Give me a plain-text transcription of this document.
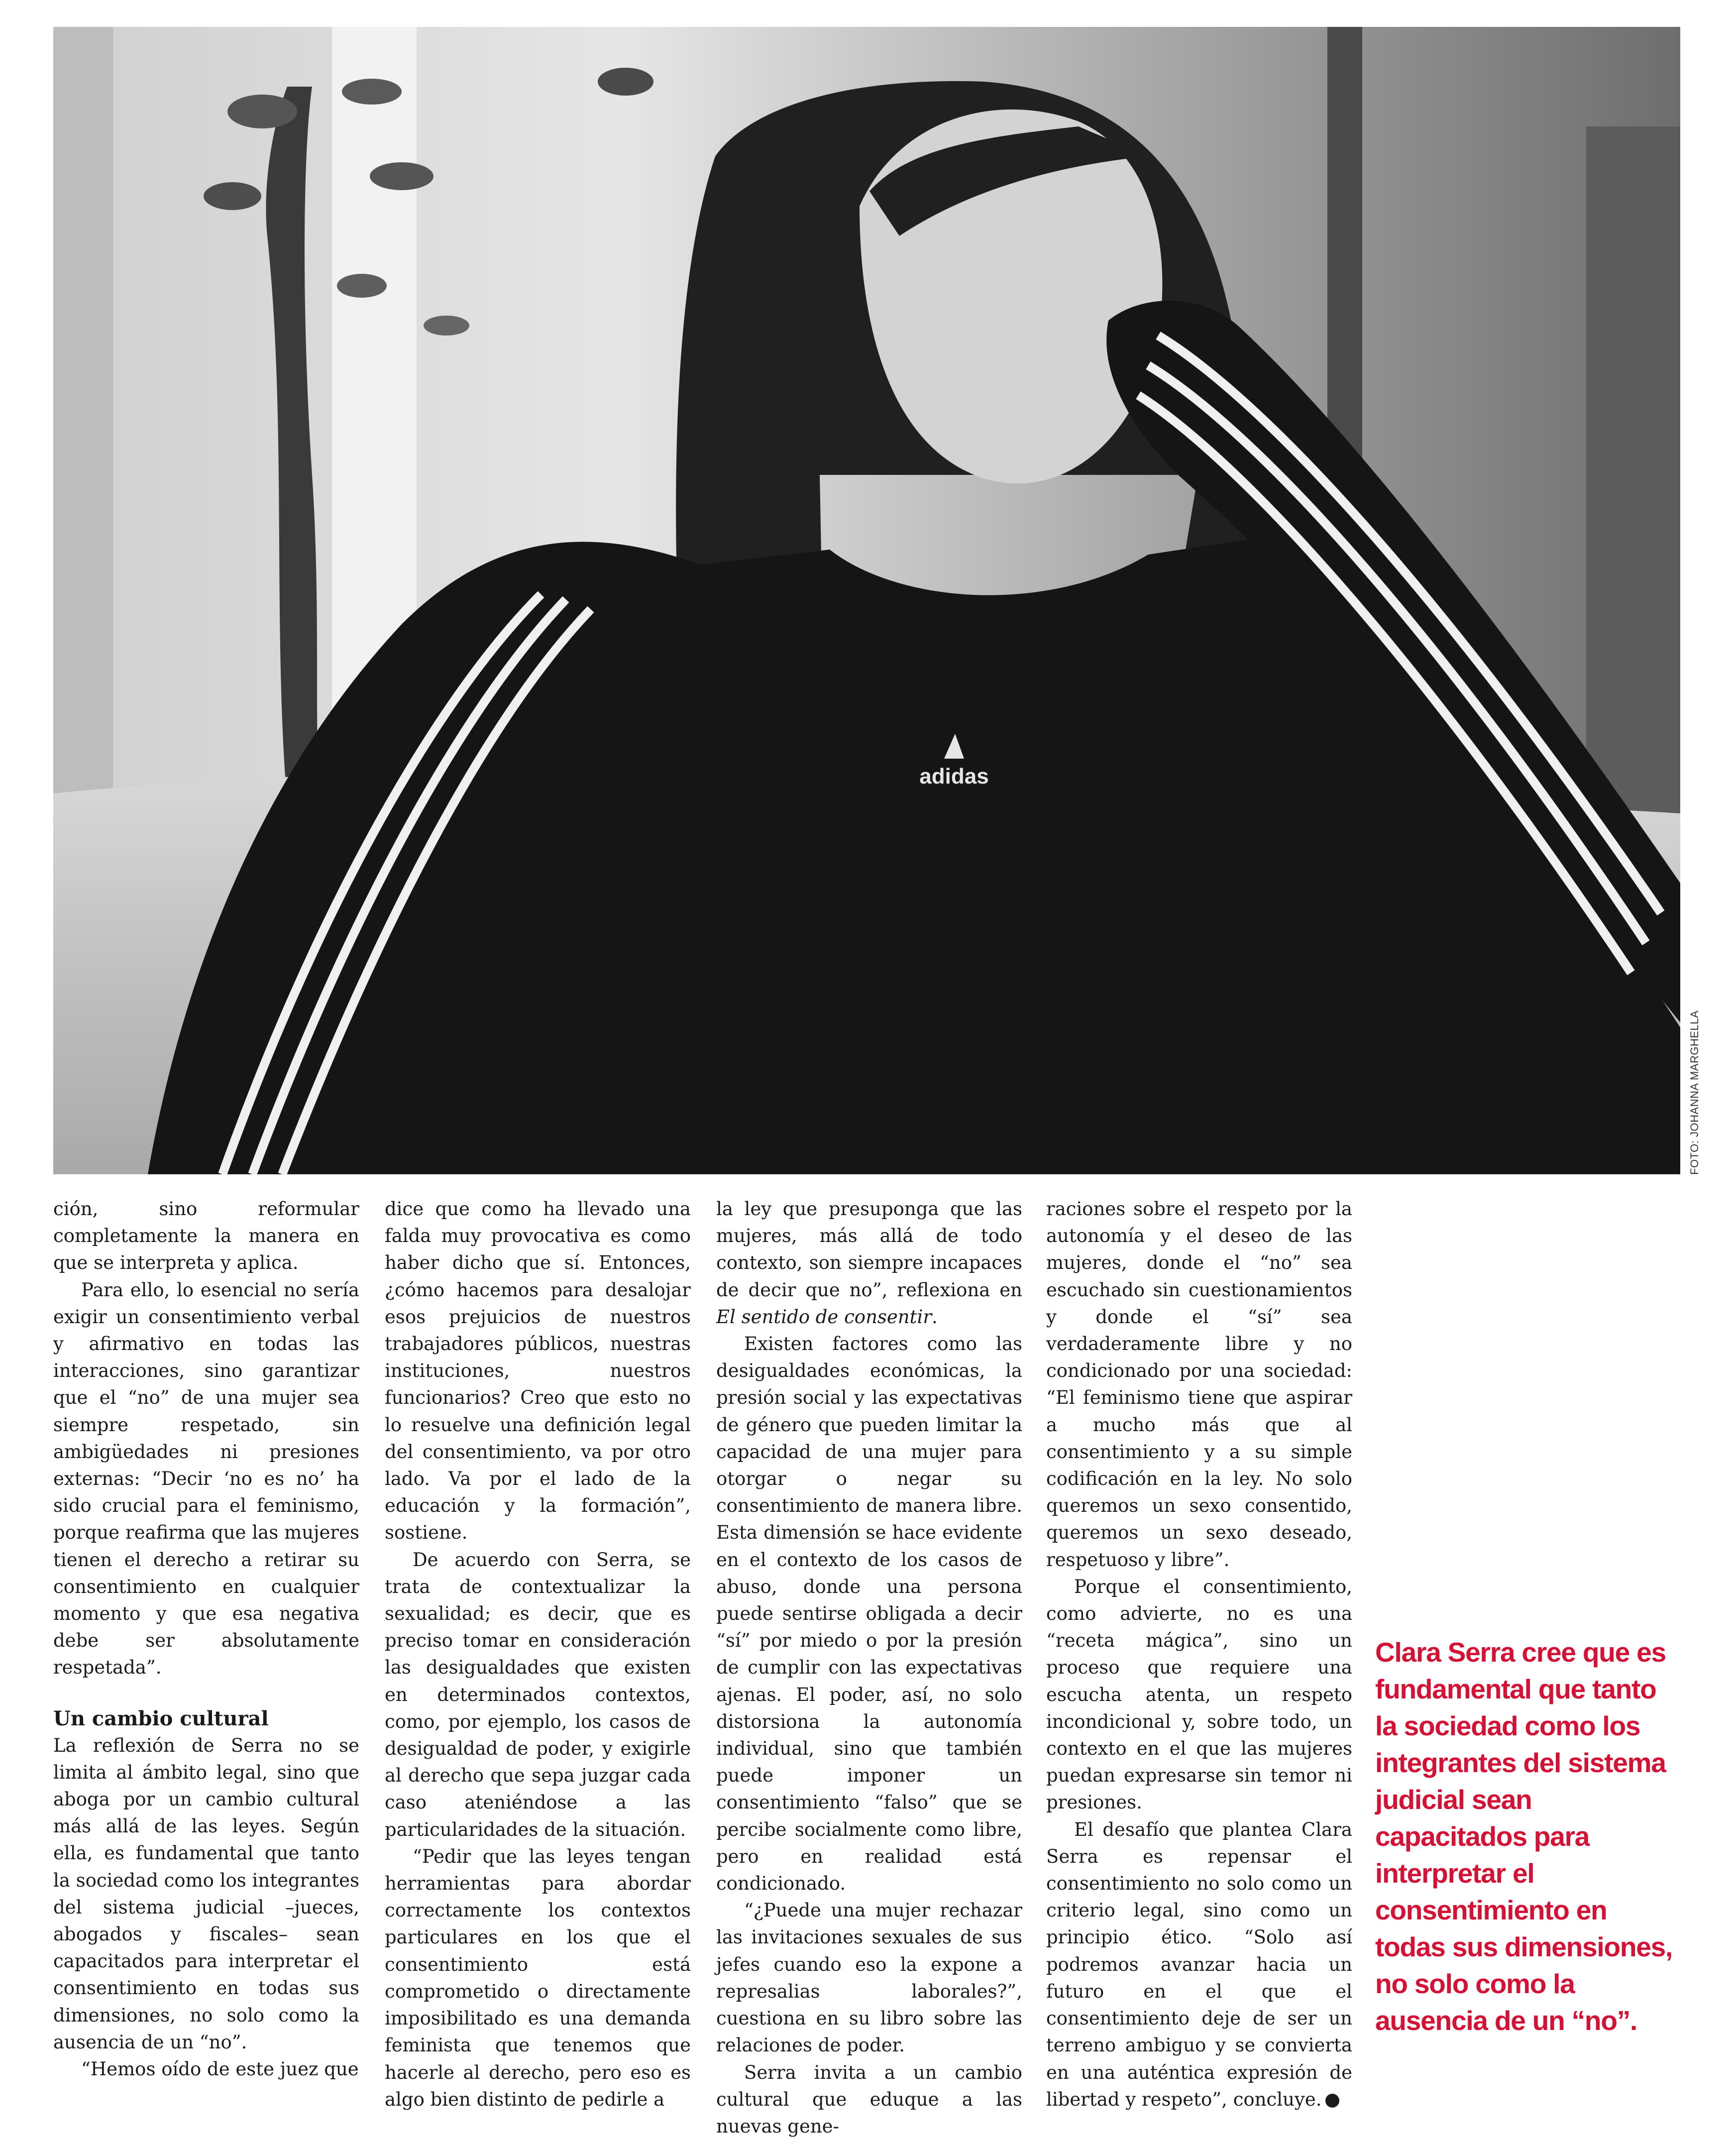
adidas
FOTO: JOHANNA MARGHELLA

ción, sino reformular completamente la manera en que se interpreta y aplica.

Para ello, lo esencial no sería exigir un consentimiento verbal y afirmativo en todas las interacciones, sino garantizar que el “no” de una mujer sea siempre respetado, sin ambigüedades ni presiones externas: “Decir ‘no es no’ ha sido crucial para el feminismo, porque reafirma que las mujeres tienen el derecho a retirar su consentimiento en cualquier momento y que esa negativa debe ser absolutamente respetada”.

Un cambio cultural

La reflexión de Serra no se limita al ámbito legal, sino que aboga por un cambio cultural más allá de las leyes. Según ella, es fundamental que tanto la sociedad como los integrantes del sistema judicial –jueces, abogados y fiscales– sean capacitados para interpretar el consentimiento en todas sus dimensiones, no solo como la ausencia de un “no”.

“Hemos oído de este juez que

dice que como ha llevado una falda muy provocativa es como haber dicho que sí. Entonces, ¿cómo hacemos para desalojar esos prejuicios de nuestros trabajadores públicos, nuestras instituciones, nuestros funcionarios? Creo que esto no lo resuelve una definición legal del consentimiento, va por otro lado. Va por el lado de la educación y la formación”, sostiene.

De acuerdo con Serra, se trata de contextualizar la sexualidad; es decir, que es preciso tomar en consideración las desigualdades que existen en determinados contextos, como, por ejemplo, los casos de desigualdad de poder, y exigirle al derecho que sepa juzgar cada caso ateniéndose a las particularidades de la situación.

“Pedir que las leyes tengan herramientas para abordar correctamente los contextos particulares en los que el consentimiento está comprometido o directamente imposibilitado es una demanda feminista que tenemos que hacerle al derecho, pero eso es algo bien distinto de pedirle a

la ley que presuponga que las mujeres, más allá de todo contexto, son siempre incapaces de decir que no”, reflexiona en El sentido de consentir.

Existen factores como las desigualdades económicas, la presión social y las expectativas de género que pueden limitar la capacidad de una mujer para otorgar o negar su consentimiento de manera libre. Esta dimensión se hace evidente en el contexto de los casos de abuso, donde una persona puede sentirse obligada a decir “sí” por miedo o por la presión de cumplir con las expectativas ajenas. El poder, así, no solo distorsiona la autonomía individual, sino que también puede imponer un consentimiento “falso” que se percibe socialmente como libre, pero en realidad está condicionado.

“¿Puede una mujer rechazar las invitaciones sexuales de sus jefes cuando eso la expone a represalias laborales?”, cuestiona en su libro sobre las relaciones de poder.

Serra invita a un cambio cultural que eduque a las nuevas gene-

raciones sobre el respeto por la autonomía y el deseo de las mujeres, donde el “no” sea escuchado sin cuestionamientos y donde el “sí” sea verdaderamente libre y no condicionado por una sociedad: “El feminismo tiene que aspirar a mucho más que al consentimiento y a su simple codificación en la ley. No solo queremos un sexo consentido, queremos un sexo deseado, respetuoso y libre”.

Porque el consentimiento, como advierte, no es una “receta mágica”, sino un proceso que requiere una escucha atenta, un respeto incondicional y, sobre todo, un contexto en el que las mujeres puedan expresarse sin temor ni presiones.

El desafío que plantea Clara Serra es repensar el consentimiento no solo como un criterio legal, sino como un principio ético. “Solo así podremos avanzar hacia un futuro en el que el consentimiento deje de ser un terreno ambiguo y se convierta en una auténtica expresión de libertad y respeto”, concluye.

Clara Serra cree que es fundamental que tanto la sociedad como los integrantes del sistema judicial sean capacitados para interpretar el consentimiento en todas sus dimensiones, no solo como la ausencia de un “no”.
